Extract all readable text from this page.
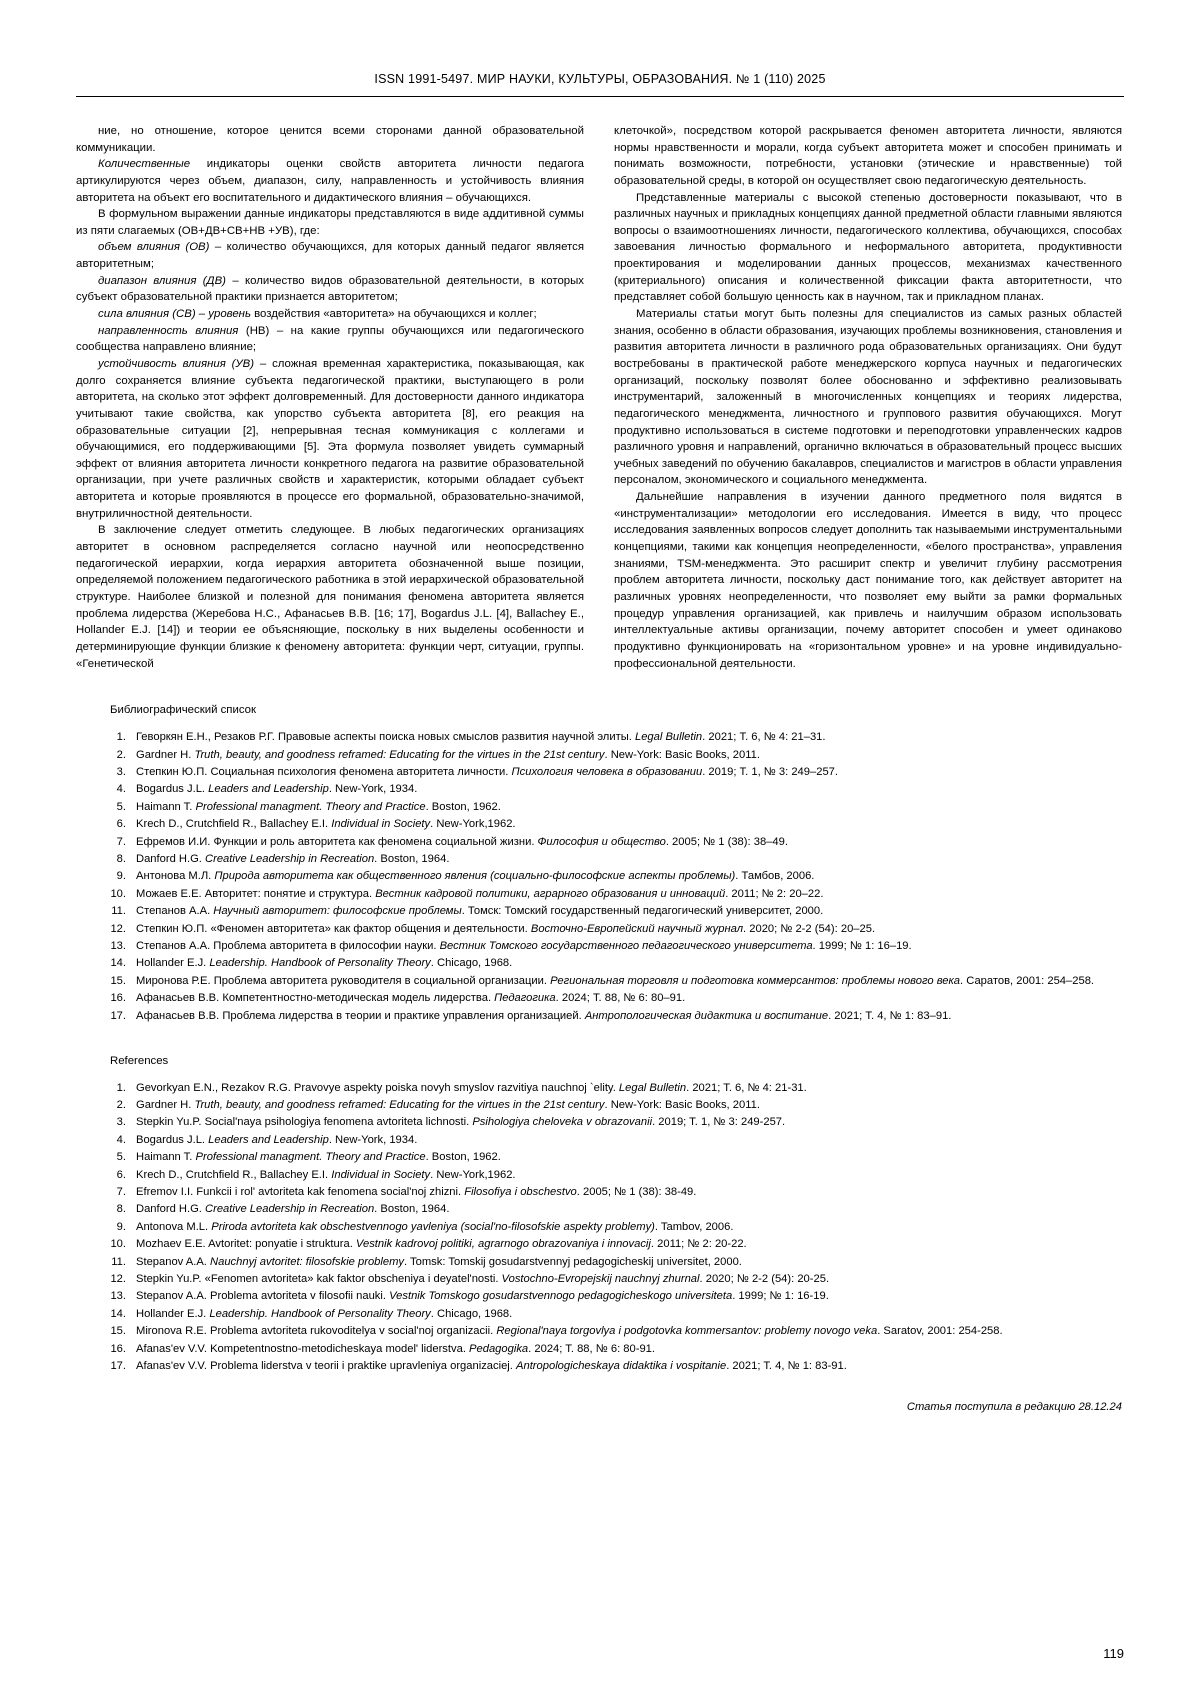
ISSN 1991-5497. МИР НАУКИ, КУЛЬТУРЫ, ОБРАЗОВАНИЯ. № 1 (110) 2025

ние, но отношение, которое ценится всеми сторонами данной образовательной коммуникации.

Количественные индикаторы оценки свойств авторитета личности педагога артикулируются через объем, диапазон, силу, направленность и устойчивость влияния авторитета на объект его воспитательного и дидактического влияния – обучающихся.

В формульном выражении данные индикаторы представляются в виде аддитивной суммы из пяти слагаемых (ОВ+ДВ+СВ+НВ +УВ), где:

объем влияния (ОВ) – количество обучающихся, для которых данный педагог является авторитетным;

диапазон влияния (ДВ) – количество видов образовательной деятельности, в которых субъект образовательной практики признается авторитетом;

сила влияния (СВ) – уровень воздействия «авторитета» на обучающихся и коллег;

направленность влияния (НВ) – на какие группы обучающихся или педагогического сообщества направлено влияние;

устойчивость влияния (УВ) – сложная временная характеристика, показывающая, как долго сохраняется влияние субъекта педагогической практики, выступающего в роли авторитета, на сколько этот эффект долговременный. Для достоверности данного индикатора учитывают такие свойства, как упорство субъекта авторитета [8], его реакция на образовательные ситуации [2], непрерывная тесная коммуникация с коллегами и обучающимися, его поддерживающими [5]. Эта формула позволяет увидеть суммарный эффект от влияния авторитета личности конкретного педагога на развитие образовательной организации, при учете различных свойств и характеристик, которыми обладает субъект авторитета и которые проявляются в процессе его формальной, образовательно-значимой, внутриличностной деятельности.

В заключение следует отметить следующее. В любых педагогических организациях авторитет в основном распределяется согласно научной или неопосредственно педагогической иерархии, когда иерархия авторитета обозначенной выше позиции, определяемой положением педагогического работника в этой иерархической образовательной структуре. Наиболее близкой и полезной для понимания феномена авторитета является проблема лидерства (Жеребова Н.С., Афанасьев В.В. [16; 17], Bogardus J.L. [4], Ballachey E., Hollander E.J. [14]) и теории ее объясняющие, поскольку в них выделены особенности и детерминирующие функции близкие к феномену авторитета: функции черт, ситуации, группы. «Генетической

клеточкой», посредством которой раскрывается феномен авторитета личности, являются нормы нравственности и морали, когда субъект авторитета может и способен принимать и понимать возможности, потребности, установки (этические и нравственные) той образовательной среды, в которой он осуществляет свою педагогическую деятельность.

Представленные материалы с высокой степенью достоверности показывают, что в различных научных и прикладных концепциях данной предметной области главными являются вопросы о взаимоотношениях личности, педагогического коллектива, обучающихся, способах завоевания личностью формального и неформального авторитета, продуктивности проектирования и моделировании данных процессов, механизмах качественного (критериального) описания и количественной фиксации факта авторитетности, что представляет собой большую ценность как в научном, так и прикладном планах.

Материалы статьи могут быть полезны для специалистов из самых разных областей знания, особенно в области образования, изучающих проблемы возникновения, становления и развития авторитета личности в различного рода образовательных организациях. Они будут востребованы в практической работе менеджерского корпуса научных и педагогических организаций, поскольку позволят более обоснованно и эффективно реализовывать инструментарий, заложенный в многочисленных концепциях и теориях лидерства, педагогического менеджмента, личностного и группового развития обучающихся. Могут продуктивно использоваться в системе подготовки и переподготовки управленческих кадров различного уровня и направлений, органично включаться в образовательный процесс высших учебных заведений по обучению бакалавров, специалистов и магистров в области управления персоналом, экономического и социального менеджмента.

Дальнейшие направления в изучении данного предметного поля видятся в «инструментализации» методологии его исследования. Имеется в виду, что процесс исследования заявленных вопросов следует дополнить так называемыми инструментальными концепциями, такими как концепция неопределенности, «белого пространства», управления знаниями, TSM-менеджмента. Это расширит спектр и увеличит глубину рассмотрения проблем авторитета личности, поскольку даст понимание того, как действует авторитет на различных уровнях неопределенности, что позволяет ему выйти за рамки формальных процедур управления организацией, как привлечь и наилучшим образом использовать интеллектуальные активы организации, почему авторитет способен и умеет одинаково продуктивно функционировать на «горизонтальном уровне» и на уровне индивидуально-профессиональной деятельности.

Библиографический список
1. Геворкян Е.Н., Резаков Р.Г. Правовые аспекты поиска новых смыслов развития научной элиты. Legal Bulletin. 2021; Т. 6, № 4: 21–31.
2. Gardner H. Truth, beauty, and goodness reframed: Educating for the virtues in the 21st century. New-York: Basic Books, 2011.
3. Степкин Ю.П. Социальная психология феномена авторитета личности. Психология человека в образовании. 2019; Т. 1, № 3: 249–257.
4. Bogardus J.L. Leaders and Leadership. New-York, 1934.
5. Haimann T. Professional managment. Theory and Practice. Boston, 1962.
6. Krech D., Crutchfield R., Ballachey E.I. Individual in Society. New-York,1962.
7. Ефремов И.И. Функции и роль авторитета как феномена социальной жизни. Философия и общество. 2005; № 1 (38): 38–49.
8. Danford H.G. Creative Leadership in Recreation. Boston, 1964.
9. Антонова М.Л. Природа авторитета как общественного явления (социально-философские аспекты проблемы). Тамбов, 2006.
10. Можаев Е.Е. Авторитет: понятие и структура. Вестник кадровой политики, аграрного образования и инноваций. 2011; № 2: 20–22.
11. Степанов А.А. Научный авторитет: философские проблемы. Томск: Томский государственный педагогический университет, 2000.
12. Степкин Ю.П. «Феномен авторитета» как фактор общения и деятельности. Восточно-Европейский научный журнал. 2020; № 2-2 (54): 20–25.
13. Степанов А.А. Проблема авторитета в философии науки. Вестник Томского государственного педагогического университета. 1999; № 1: 16–19.
14. Hollander E.J. Leadership. Handbook of Personality Theory. Chicago, 1968.
15. Миронова Р.Е. Проблема авторитета руководителя в социальной организации. Региональная торговля и подготовка коммерсантов: проблемы нового века. Саратов, 2001: 254–258.
16. Афанасьев В.В. Компетентностно-методическая модель лидерства. Педагогика. 2024; Т. 88, № 6: 80–91.
17. Афанасьев В.В. Проблема лидерства в теории и практике управления организацией. Антропологическая дидактика и воспитание. 2021; Т. 4, № 1: 83–91.
References
1. Gevorkyan E.N., Rezakov R.G. Pravovye aspekty poiska novyh smyslov razvitiya nauchnoj `elity. Legal Bulletin. 2021; T. 6, № 4: 21-31.
2. Gardner H. Truth, beauty, and goodness reframed: Educating for the virtues in the 21st century. New-York: Basic Books, 2011.
3. Stepkin Yu.P. Social'naya psihologiya fenomena avtoriteta lichnosti. Psihologiya cheloveka v obrazovanii. 2019; T. 1, № 3: 249-257.
4. Bogardus J.L. Leaders and Leadership. New-York, 1934.
5. Haimann T. Professional managment. Theory and Practice. Boston, 1962.
6. Krech D., Crutchfield R., Ballachey E.I. Individual in Society. New-York,1962.
7. Efremov I.I. Funkcii i rol' avtoriteta kak fenomena social'noj zhizni. Filosofiya i obschestvo. 2005; № 1 (38): 38-49.
8. Danford H.G. Creative Leadership in Recreation. Boston, 1964.
9. Antonova M.L. Priroda avtoriteta kak obschestvennogo yavleniya (social'no-filosofskie aspekty problemy). Tambov, 2006.
10. Mozhaev E.E. Avtoritet: ponyatie i struktura. Vestnik kadrovoj politiki, agrarnogo obrazovaniya i innovacij. 2011; № 2: 20-22.
11. Stepanov A.A. Nauchnyj avtoritet: filosofskie problemy. Tomsk: Tomskij gosudarstvennyj pedagogicheskij universitet, 2000.
12. Stepkin Yu.P. «Fenomen avtoriteta» kak faktor obscheniya i deyatel'nosti. Vostochno-Evropejskij nauchnyj zhurnal. 2020; № 2-2 (54): 20-25.
13. Stepanov A.A. Problema avtoriteta v filosofii nauki. Vestnik Tomskogo gosudarstvennogo pedagogicheskogo universiteta. 1999; № 1: 16-19.
14. Hollander E.J. Leadership. Handbook of Personality Theory. Chicago, 1968.
15. Mironova R.E. Problema avtoriteta rukovoditelya v social'noj organizacii. Regional'naya torgovlya i podgotovka kommersantov: problemy novogo veka. Saratov, 2001: 254-258.
16. Afanas'ev V.V. Kompetentnostno-metodicheskaya model' liderstva. Pedagogika. 2024; T. 88, № 6: 80-91.
17. Afanas'ev V.V. Problema liderstva v teorii i praktike upravleniya organizaciej. Antropologicheskaya didaktika i vospitanie. 2021; T. 4, № 1: 83-91.
Статья поступила в редакцию 28.12.24
119
